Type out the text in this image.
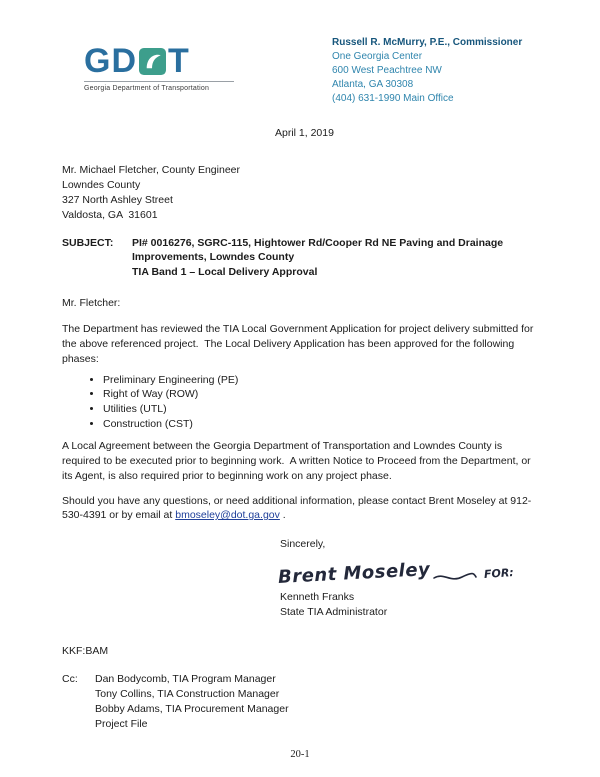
G D T
Georgia Department of Transportation
Russell R. McMurry, P.E., Commissioner
One Georgia Center
600 West Peachtree NW
Atlanta, GA 30308
(404) 631-1990 Main Office
April 1, 2019
Mr. Michael Fletcher, County Engineer
Lowndes County
327 North Ashley Street
Valdosta, GA  31601
SUBJECT:	PI# 0016276, SGRC-115, Hightower Rd/Cooper Rd NE Paving and Drainage Improvements, Lowndes County
TIA Band 1 – Local Delivery Approval
Mr. Fletcher:

The Department has reviewed the TIA Local Government Application for project delivery submitted for the above referenced project.  The Local Delivery Application has been approved for the following phases:

• Preliminary Engineering (PE)
• Right of Way (ROW)
• Utilities (UTL)
• Construction (CST)

A Local Agreement between the Georgia Department of Transportation and Lowndes County is required to be executed prior to beginning work.  A written Notice to Proceed from the Department, or its Agent, is also required prior to beginning work on any project phase.

Should you have any questions, or need additional information, please contact Brent Moseley at 912-530-4391 or by email at bmoseley@dot.ga.gov .

Sincerely,
Brent Moseley	FOR:
Kenneth Franks
State TIA Administrator
KKF:BAM
Cc:	Dan Bodycomb, TIA Program Manager
Tony Collins, TIA Construction Manager
Bobby Adams, TIA Procurement Manager
Project File
20-1
